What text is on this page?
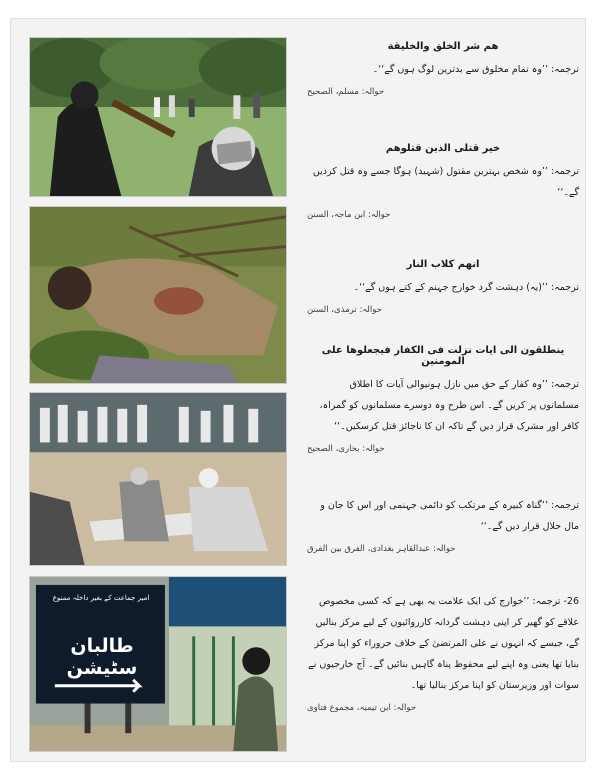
امیر جماعت کے بغیر داخلہ ممنوع
طالبان سٹیشن
هم شر الخلق والخليقة
ترجمہ: ’’وہ تمام مخلوق سے بدترین لوگ ہوں گے‘‘۔
حوالہ: مسلم، الصحیح
خیر قتلی الذین قتلوهم
ترجمہ: ’’وہ شخص بہترین مقتول (شہید) ہوگا جسے وہ قتل کردیں گے۔‘‘
حوالہ: ابن ماجہ، السنن
انهم کلاب النار
ترجمہ: ’’(یہ) دہشت گرد خوارج جہنم کے کتے ہوں گے‘‘۔
حوالہ: ترمذی، السنن
ينطلقون الى ايات نزلت فى الكفار فيجعلوها على المومنين
ترجمہ: ’’وہ کفار کے حق میں نازل ہونیوالی آیات کا اطلاق مسلمانوں پر کریں گے۔ اس طرح وہ دوسرے مسلمانوں کو گمراہ، کافر اور مشرک قرار دیں گے تاکہ ان کا ناجائز قتل کرسکیں۔‘‘
حوالہ: بخاری، الصحیح
ترجمہ: ’’گناہ کبیرہ کے مرتکب کو دائمی جہنمی اور اس کا جان و مال حلال قرار دیں گے۔‘‘
حوالہ: عبدالقاہر بغدادی، الفرق بین الفرق
26- ترجمہ: ’’خوارج کی ایک علامت یہ بھی ہے کہ کسی مخصوص علاقے کو گھیر کر اپنی دہشت گردانہ کارروائیوں کے لیے مرکز بنالیں گے، جیسے کہ انہوں نے علی المرتضیٰ کے خلاف حروراء کو اپنا مرکز بنایا تھا یعنی وہ اپنے لیے محفوظ پناہ گاہیں بنائیں گے۔ آج خارجیوں نے سوات اور وزیرستان کو اپنا مرکز بنالیا تھا۔
حوالہ: ابن تیمیہ، مجموع فتاوی
